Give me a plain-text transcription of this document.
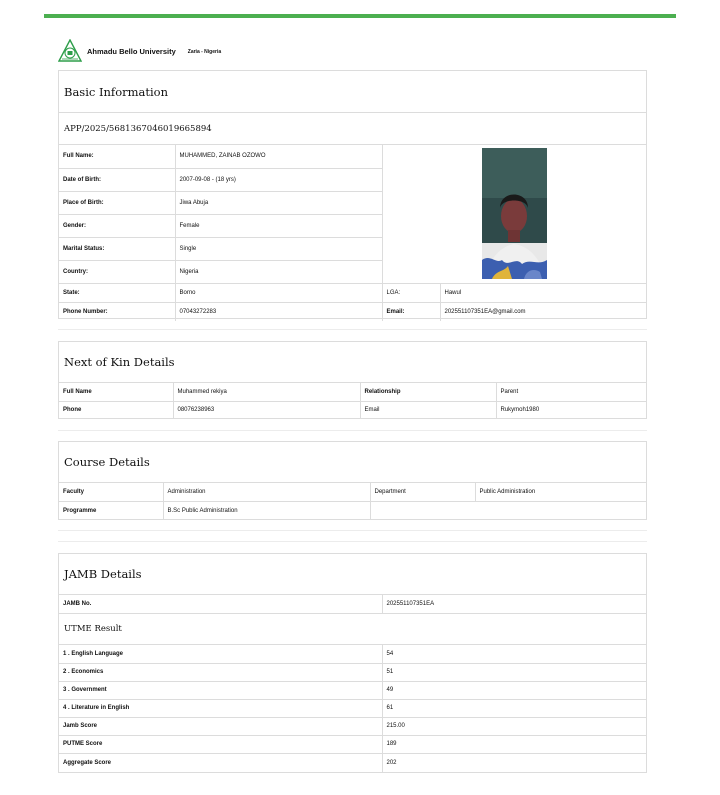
Ahmadu Bello University Zaria - Nigeria
Basic Information
APP/2025/5681367046019665894
Full Name:	MUHAMMED, ZAINAB OZOWO	
Date of Birth:	2007-09-08 - (18 yrs)		
Place of Birth:	Jiwa Abuja		
Gender:	Female		
Marital Status:	Single		
Country:	Nigeria		
State:	Borno	LGA:	Hawul
Phone Number:	07043272283	Email:	202551107351EA@gmail.com
Next of Kin Details
Full Name	Muhammed rekiya	Relationship	Parent
Phone	08076238963	Email	Rukymoh1980
Course Details
Faculty	Administration	Department	Public Administration
Programme	B.Sc Public Administration		
JAMB Details
JAMB No.	202551107351EA
UTME Result
1 . English Language	54
2 . Economics	51
3 . Government	49
4 . Literature in English	61
Jamb Score	215.00
PUTME Score	189
Aggregate Score	202
